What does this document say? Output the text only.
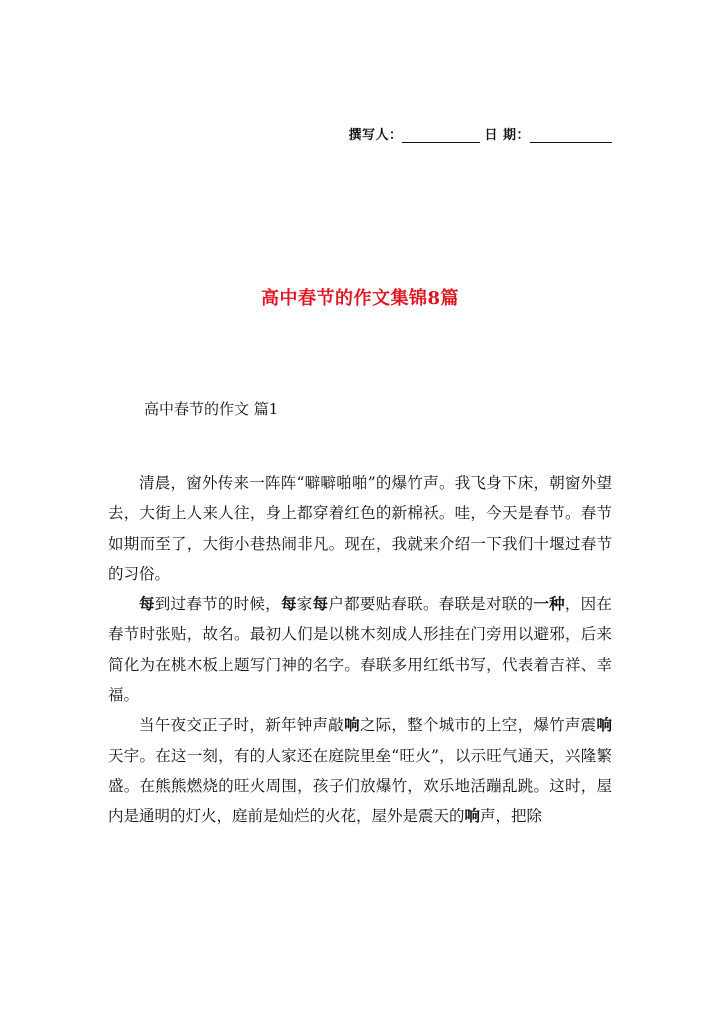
撰写人：	日 期：
高中春节的作文集锦8篇
高中春节的作文 篇1

清晨，窗外传来一阵阵“噼噼啪啪”的爆竹声。我飞身下床，朝窗外望去，大街上人来人往，身上都穿着红色的新棉袄。哇，今天是春节。春节如期而至了，大街小巷热闹非凡。现在，我就来介绍一下我们十堰过春节的习俗。

每到过春节的时候，每家每户都要贴春联。春联是对联的一种，因在春节时张贴，故名。最初人们是以桃木刻成人形挂在门旁用以避邪，后来简化为在桃木板上题写门神的名字。春联多用红纸书写，代表着吉祥、幸福。

当午夜交正子时，新年钟声敲响之际，整个城市的上空，爆竹声震响天宇。在这一刻，有的人家还在庭院里垒“旺火”，以示旺气通天，兴隆繁盛。在熊熊燃烧的旺火周围，孩子们放爆竹，欢乐地活蹦乱跳。这时，屋内是通明的灯火，庭前是灿烂的火花，屋外是震天的响声，把除
